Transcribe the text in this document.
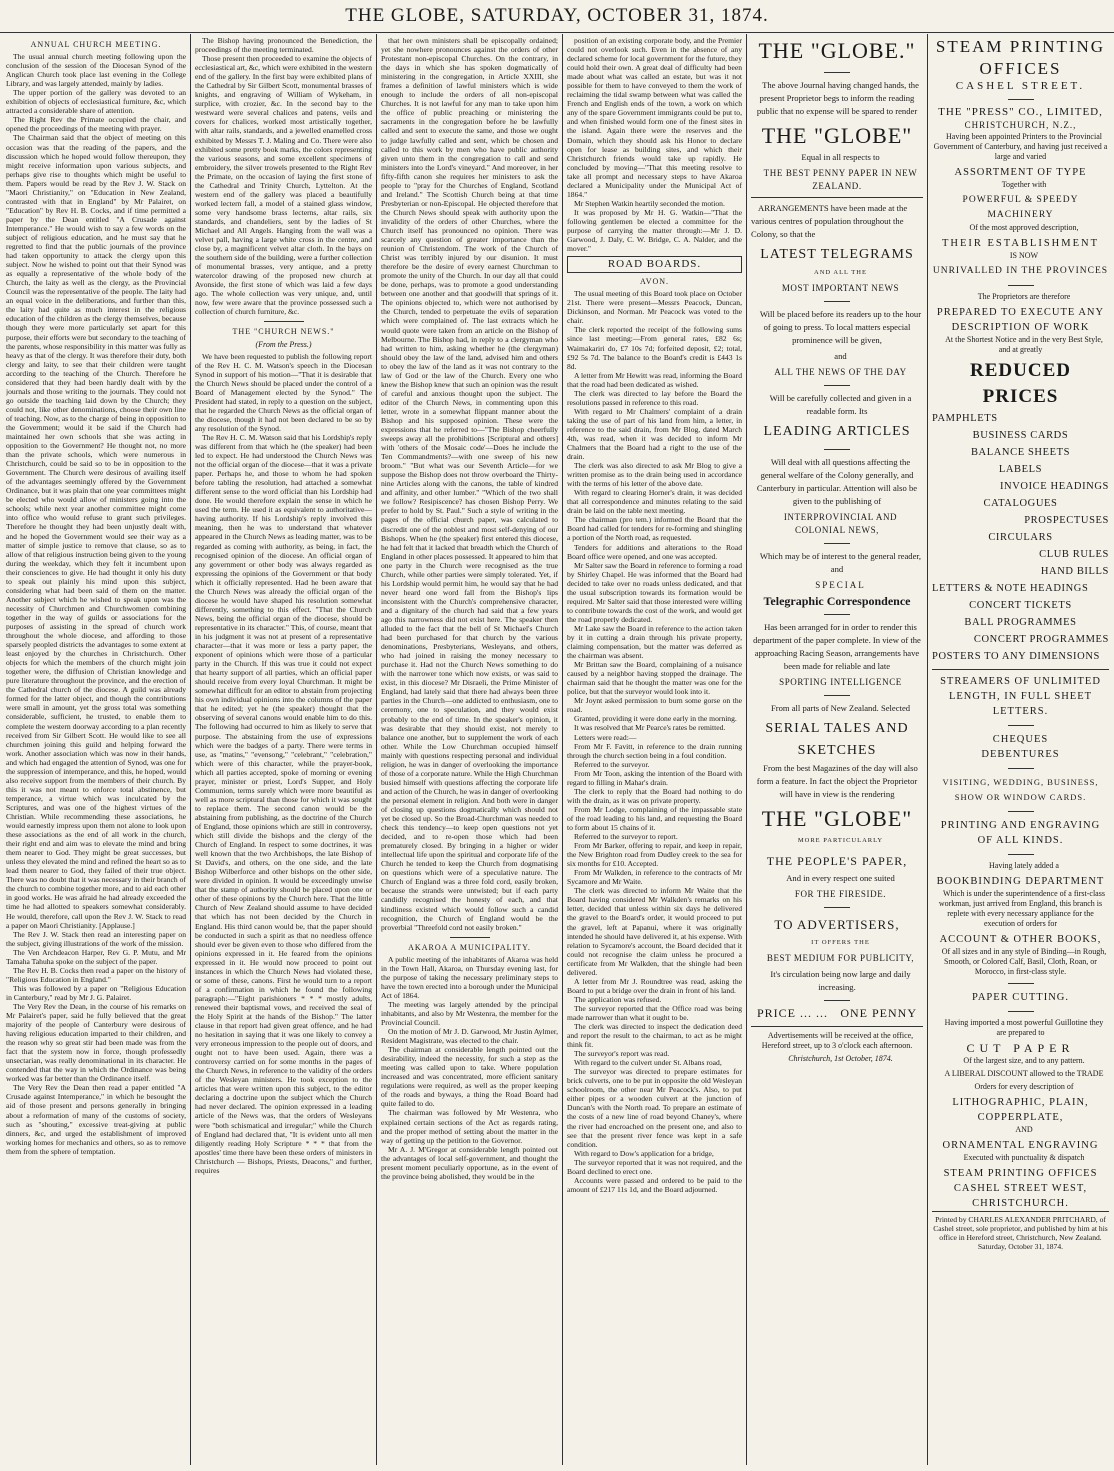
THE GLOBE, SATURDAY, OCTOBER 31, 1874.
ANNUAL CHURCH MEETING.

The usual annual church meeting following upon the conclusion of the session of the Diocesan Synod of the Anglican Church took place last evening in the College Library, and was largely attended, mainly by ladies.

The upper portion of the gallery was devoted to an exhibition of objects of ecclesiastical furniture, &c, which attracted a considerable share of attention.

The Right Rev the Primate occupied the chair, and opened the proceedings of the meeting with prayer.

The Chairman said that the object of meeting on this occasion was that the reading of the papers, and the discussion which he hoped would follow thereupon, they might receive information upon various subjects, and perhaps give rise to thoughts which might be useful to them. Papers would be read by the Rev J. W. Stack on "Maori Christianity," on "Education in New Zealand, contrasted with that in England" by Mr Palairet, on "Education" by Rev H. B. Cocks, and if time permitted a paper by the Dean entitled "A Crusade against Intemperance." He would wish to say a few words on the subject of religious education, and he must say that he regretted to find that the public journals of the province had taken opportunity to attack the clergy upon this subject. Now he wished to point out that their Synod was as equally a representative of the whole body of the Church, the laity as well as the clergy, as the Provincial Council was the representative of the people. The laity had an equal voice in the deliberations, and further than this, the laity had quite as much interest in the religious education of the children as the clergy themselves, because though they were more particularly set apart for this purpose, their efforts were but secondary to the teaching of the parents, whose responsibility in this matter was fully as heavy as that of the clergy. It was therefore their duty, both clergy and laity, to see that their children were taught according to the teaching of the Church. Therefore he considered that they had been hardly dealt with by the journals and those writing to the journals. They could not go outside the teaching laid down by the Church; they could not, like other denominations, choose their own line of teaching. Now, as to the charge of being in opposition to the Government; would it be said if the Church had maintained her own schools that she was acting in opposition to the Government? He thought not, no more than the private schools, which were numerous in Christchurch, could be said so to be in opposition to the Government. The Church were desirous of availing itself of the advantages seemingly offered by the Government Ordinance, but it was plain that one year committees might be elected who would allow of ministers going into the schools; while next year another committee might come into office who would refuse to grant such privileges. Therefore he thought they had been unjustly dealt with, and he hoped the Government would see their way as a matter of simple justice to remove that clause, so as to allow of that religious instruction being given to the young during the weekday, which they felt it incumbent upon their consciences to give. He had thought it only his duty to speak out plainly his mind upon this subject, considering what had been said of them on the matter. Another subject which he wished to speak upon was the necessity of Churchmen and Churchwomen combining together in the way of guilds or associations for the purposes of assisting in the spread of church work throughout the whole diocese, and affording to those sparsely peopled districts the advantages to some extent at least enjoyed by the churches in Christchurch. Other objects for which the members of the church might join together were, the diffusion of Christian knowledge and pure literature throughout the province, and the erection of the Cathedral church of the diocese. A guild was already formed for the latter object, and though the contributions were small in amount, yet the gross total was something considerable, sufficient, he trusted, to enable them to complete the western doorway according to a plan recently received from Sir Gilbert Scott. He would like to see all churchmen joining this guild and helping forward the work. Another association which was now in their hands, and which had engaged the attention of Synod, was one for the suppression of intemperance, and this, he hoped, would also receive support from the members of their church. By this it was not meant to enforce total abstinence, but temperance, a virtue which was inculcated by the Scriptures, and was one of the highest virtues of the Christian. While recommending these associations, he would earnestly impress upon them not alone to look upon these associations as the end of all work in the church, their right end and aim was to elevate the mind and bring them nearer to God. They might be great successes, but unless they elevated the mind and refined the heart so as to lead them nearer to God, they failed of their true object. There was no doubt that it was necessary in their branch of the church to combine together more, and to aid each other in good works. He was afraid he had already exceeded the time he had allotted to speakers somewhat considerably. He would, therefore, call upon the Rev J. W. Stack to read a paper on Maori Christianity. [Applause.]

The Rev J. W. Stack then read an interesting paper on the subject, giving illustrations of the work of the mission.

The Ven Archdeacon Harper, Rev G. P. Mutu, and Mr Tamaha Tahuha spoke on the subject of the paper.

The Rev H. B. Cocks then read a paper on the history of "Religious Education in England."

This was followed by a paper on "Religious Education in Canterbury," read by Mr J. G. Palairet.

The Very Rev the Dean, in the course of his remarks on Mr Palairet's paper, said he fully believed that the great majority of the people of Canterbury were desirous of having religious education imparted to their children, and the reason why so great stir had been made was from the fact that the system now in force, though professedly unsectarian, was really denominational in its character. He contended that the way in which the Ordinance was being worked was far better than the Ordinance itself.

The Very Rev the Dean then read a paper entitled "A Crusade against Intemperance," in which he besought the aid of those present and persons generally in bringing about a reformation of many of the customs of society, such as "shouting," excessive treat-giving at public dinners, &c, and urged the establishment of improved working homes for mechanics and others, so as to remove them from the sphere of temptation.

The Bishop having pronounced the Benediction, the proceedings of the meeting terminated.

Those present then proceeded to examine the objects of ecclesiastical art, &c, which were exhibited in the western end of the gallery. In the first bay were exhibited plans of the Cathedral by Sir Gilbert Scott, monumental brasses of knights, and engraving of William of Wykeham, in surplice, with crozier, &c. In the second bay to the westward were several chalices and patens, veils and covers for chalices, worked most artistically together, with altar rails, standards, and a jewelled enamelled cross exhibited by Messrs T. J. Maling and Co. There were also exhibited some pretty book marks, the colors representing the various seasons, and some excellent specimens of embroidery, the silver trowels presented to the Right Rev the Primate, on the occasion of laying the first stone of the Cathedral and Trinity Church, Lyttelton. At the western end of the gallery was placed a beautifully worked lectern fall, a model of a stained glass window, some very handsome brass lecterns, altar rails, six standards, and chandeliers, sent by the ladies of St Michael and All Angels. Hanging from the wall was a velvet pall, having a large white cross in the centre, and close by, a magnificent velvet altar cloth. In the bays on the southern side of the building, were a further collection of monumental brasses, very antique, and a pretty watercolor drawing of the proposed new church at Avonside, the first stone of which was laid a few days ago. The whole collection was very unique, and, until now, few were aware that the province possessed such a collection of church furniture, &c.

THE "CHURCH NEWS."
(From the Press.)

We have been requested to publish the following report of the Rev H. C. M. Watson's speech in the Diocesan Synod in support of his motion—"That it is desirable that the Church News should be placed under the control of a Board of Management elected by the Synod." The President had stated, in reply to a question on the subject, that he regarded the Church News as the official organ of the diocese, though it had not been declared to be so by any resolution of the Synod.

The Rev H. C. M. Watson said that his Lordship's reply was different from that which he (the speaker) had been led to expect. He had understood the Church News was not the official organ of the diocese—that it was a private paper. Perhaps he, and those to whom he had spoken before tabling the resolution, had attached a somewhat different sense to the word official than his Lordship had done. He would therefore explain the sense in which he used the term. He used it as equivalent to authoritative—having authority. If his Lordship's reply involved this meaning, then he was to understand that whatever appeared in the Church News as leading matter, was to be regarded as coming with authority, as being, in fact, the recognised opinion of the diocese. An official organ of any government or other body was always regarded as expressing the opinions of the Government or that body which it officially represented. Had he been aware that the Church News was already the official organ of the diocese he would have shaped his resolution somewhat differently, something to this effect. "That the Church News, being the official organ of the diocese, should be representative in its character." This, of course, meant that in his judgment it was not at present of a representative character—that it was more or less a party paper, the exponent of opinions which were those of a particular party in the Church. If this was true it could not expect that hearty support of all parties, which an official paper should receive from every loyal Churchman. It might be somewhat difficult for an editor to abstain from projecting his own individual opinions into the columns of the paper that he edited; yet he (the speaker) thought that the observing of several canons would enable him to do this. The following had occurred to him as likely to serve that purpose. The abstaining from the use of expressions which were the badges of a party. There were terms in use, as "matins," "evensong," "celebrant," "celebration," which were of this character, while the prayer-book, which all parties accepted, spoke of morning or evening prayer, minister or priest, Lord's Supper, and Holy Communion, terms surely which were more beautiful as well as more scriptural than those for which it was sought to replace them. The second canon would be the abstaining from publishing, as the doctrine of the Church of England, those opinions which are still in controversy, which still divide the bishops and the clergy of the Church of England. In respect to some doctrines, it was well known that the two Archbishops, the late Bishop of St David's, and others, on the one side, and the late Bishop Wilberforce and other bishops on the other side, were divided in opinion. It would be exceedingly unwise that the stamp of authority should be placed upon one or other of these opinions by the Church here. That the little Church of New Zealand should assume to have decided that which has not been decided by the Church in England. His third canon would be, that the paper should be conducted in such a spirit as that no needless offence should ever be given even to those who differed from the opinions expressed in it. He feared from the opinions expressed in it. He would now proceed to point out instances in which the Church News had violated these, or some of these, canons. First he would turn to a report of a confirmation in which he found the following paragraph:—"Eight parishioners * * * mostly adults, renewed their baptismal vows, and received the seal of the Holy Spirit at the hands of the Bishop." The latter clause in that report had given great offence, and he had no hesitation in saying that it was one likely to convey a very erroneous impression to the people out of doors, and ought not to have been used. Again, there was a controversy carried on for some months in the pages of the Church News, in reference to the validity of the orders of the Wesleyan ministers. He took exception to the articles that were written upon this subject, to the editor declaring a doctrine upon the subject which the Church had never declared. The opinion expressed in a leading article of the News was, that the orders of Wesleyans were "both schismatical and irregular;" while the Church of England had declared that, "It is evident unto all men diligently reading Holy Scripture * * * that from the apostles' time there have been these orders of ministers in Christchurch — Bishops, Priests, Deacons," and further, requires

that her own ministers shall be episcopally ordained; yet she nowhere pronounces against the orders of other Protestant non-episcopal Churches. On the contrary, in the days in which she has spoken dogmatically of ministering in the congregation, in Article XXIII, she frames a definition of lawful ministers which is wide enough to include the orders of all non-episcopal Churches. It is not lawful for any man to take upon him the office of public preaching or ministering the sacraments in the congregation before he be lawfully called and sent to execute the same, and those we ought to judge lawfully called and sent, which be chosen and called to this work by men who have public authority given unto them in the congregation to call and send ministers into the Lord's vineyard." And moreover, in her fifty-fifth canon she requires her ministers to ask the people to "pray for the Churches of England, Scotland and Ireland." The Scottish Church being at that time Presbyterian or non-Episcopal. He objected therefore that the Church News should speak with authority upon the invalidity of the orders of other Churches, where the Church itself has pronounced no opinion. There was scarcely any question of greater importance than the reunion of Christendom. The work of the Church of Christ was terribly injured by our disunion. It must therefore be the desire of every earnest Churchman to promote the unity of the Church. In our day all that could be done, perhaps, was to promote a good understanding between one another and that goodwill that springs of it. The opinions objected to, which were not authorised by the Church, tended to perpetuate the evils of separation which were complained of. The last extracts which he would quote were taken from an article on the Bishop of Melbourne. The Bishop had, in reply to a clergyman who had written to him, asking whether he (the clergyman) should obey the law of the land, advised him and others to obey the law of the land as it was not contrary to the law of God or the law of the Church. Every one who knew the Bishop knew that such an opinion was the result of careful and anxious thought upon the subject. The editor of the Church News, in commenting upon this letter, wrote in a somewhat flippant manner about the Bishop and his supposed opinion. These were the expressions that he referred to—"The Bishop cheerfully sweeps away all the prohibitions [Scriptural and others] with 'others of the Mosaic code'—Does he include the Ten Commandments?—with one sweep of his new broom." "But what was our Seventh Article—for we suppose the Bishop does not throw overboard the Thirty-nine Articles along with the canons, the table of kindred and affinity, and other lumber." "Which of the two shall we follow? Resipiscence? has chosen Bishop Perry. We prefer to hold by St. Paul." Such a style of writing in the pages of the official church paper, was calculated to discredit one of the noblest and most self-denying of our Bishops. When he (the speaker) first entered this diocese, he had felt that it lacked that breadth which the Church of England in other places possessed. It appeared to him that one party in the Church were recognised as the true Church, while other parties were simply tolerated. Yet, if his Lordship would permit him, he would say that he had never heard one word fall from the Bishop's lips inconsistent with the Church's comprehensive character, and a dignitary of the church had said that a few years ago this narrowness did not exist here. The speaker then alluded to the fact that the bell of St Michael's Church had been purchased for that church by the various denominations, Presbyterians, Wesleyans, and others, who had joined in raising the money necessary to purchase it. Had not the Church News something to do with the narrower tone which now exists, or was said to exist, in this diocese? Mr Disraeli, the Prime Minister of England, had lately said that there had always been three parties in the Church—one addicted to enthusiasm, one to ceremony, one to speculation, and they would exist probably to the end of time. In the speaker's opinion, it was desirable that they should exist, not merely to balance one another, but to supplement the work of each other. While the Low Churchman occupied himself mainly with questions respecting personal and individual religion, he was in danger of overlooking the importance of those of a corporate nature. While the High Churchman busied himself with questions affecting the corporate life and action of the Church, he was in danger of overlooking the personal element in religion. And both were in danger of closing up questions dogmatically which should not yet be closed up. So the Broad-Churchman was needed to check this tendency—to keep open questions not yet decided, and to re-open those which had been prematurely closed. By bringing in a higher or wider intellectual life upon the spiritual and corporate life of the Church he tended to keep the Church from dogmatising on questions which were of a speculative nature. The Church of England was a three fold cord, easily broken, because the strands were untwisted; but if each party candidly recognised the honesty of each, and that kindliness existed which would follow such a candid recognition, the Church of England would be the proverbial "Threefold cord not easily broken."

AKAROA A MUNICIPALITY.

A public meeting of the inhabitants of Akaroa was held in the Town Hall, Akaroa, on Thursday evening last, for the purpose of taking the necessary preliminary steps to have the town erected into a borough under the Municipal Act of 1864.

The meeting was largely attended by the principal inhabitants, and also by Mr Westenra, the member for the Provincial Council.

On the motion of Mr J. D. Garwood, Mr Justin Aylmer, Resident Magistrate, was elected to the chair.

The chairman at considerable length pointed out the desirability, indeed the necessity, for such a step as the meeting was called upon to take. Where population increased and was concentrated, more efficient sanitary regulations were required, as well as the proper keeping of the roads and byways, a thing the Road Board had quite failed to do.

The chairman was followed by Mr Westenra, who explained certain sections of the Act as regards rating, and the proper method of setting about the matter in the way of getting up the petition to the Governor.

Mr A. J. M'Gregor at considerable length pointed out the advantages of local self-government, and thought the present moment peculiarly opportune, as in the event of the province being abolished, they would be in the

position of an existing corporate body, and the Premier could not overlook such. Even in the absence of any declared scheme for local government for the future, they could hold their own. A great deal of difficulty had been made about what was called an estate, but was it not possible for them to have conveyed to them the work of reclaiming the tidal swamp between what was called the French and English ends of the town, a work on which any of the spare Government immigrants could be put to, and when finished would form one of the finest sites in the island. Again there were the reserves and the Domain, which they should ask his Honor to declare open for lease as building sites, and which their Christchurch friends would take up rapidly. He concluded by moving—"That this meeting resolve to take all prompt and necessary steps to have Akaroa declared a Municipality under the Municipal Act of 1864."

Mr Stephen Watkin heartily seconded the motion.

It was proposed by Mr H. G. Watkin—"That the following gentlemen be elected a committee for the purpose of carrying the matter through:—Mr J. D. Garwood, J. Daly, C. W. Bridge, C. A. Nalder, and the mover."

ROAD BOARDS.
AVON.

The usual meeting of this Board took place on October 21st. There were present—Messrs Peacock, Duncan, Dickinson, and Norman. Mr Peacock was voted to the chair.

The clerk reported the receipt of the following sums since last meeting:—From general rates, £82 6s; Waimakariri do, £7 10s 7d; forfeited deposit, £2; total, £92 5s 7d. The balance to the Board's credit is £443 1s 8d.

A letter from Mr Hewitt was read, informing the Board that the road had been dedicated as wished.

The clerk was directed to lay before the Board the resolutions passed in reference to this road.

With regard to Mr Chalmers' complaint of a drain taking the use of part of his land from him, a letter, in reference to the said drain, from Mr Blog, dated March 4th, was read, when it was decided to inform Mr Chalmers that the Board had a right to the use of the drain.

The clerk was also directed to ask Mr Blog to give a written promise as to the drain being used in accordance with the terms of his letter of the above date.

With regard to clearing Horner's drain, it was decided that all correspondence and minutes relating to the said drain be laid on the table next meeting.

The chairman (pro tem.) informed the Board that the Board had called for tenders for re-forming and shingling a portion of the North road, as requested.

Tenders for additions and alterations to the Road Board office were opened, and one was accepted.

Mr Salter saw the Board in reference to forming a road by Shirley Chapel. He was informed that the Board had decided to take over no roads unless dedicated, and that the usual subscription towards its formation would be required. Mr Salter said that those interested were willing to contribute towards the cost of the work, and would get the road properly dedicated.

Mr Lake saw the Board in reference to the action taken by it in cutting a drain through his private property, claiming compensation, but the matter was deferred as the chairman was absent.

Mr Brittan saw the Board, complaining of a nuisance caused by a neighbor having stopped the drainage. The chairman said that he thought the matter was one for the police, but that the surveyor would look into it.

Mr Joynt asked permission to burn some gorse on the road.

Granted, providing it were done early in the morning.

It was resolved that Mr Pearce's rates be remitted.

Letters were read:—

From Mr F. Favitt, in reference to the drain running through the church section being in a foul condition.

Referred to the surveyor.

From Mr Toon, asking the intention of the Board with regard to filling in Mahar's drain.

The clerk to reply that the Board had nothing to do with the drain, as it was on private property.

From Mr Lodge, complaining of the impassable state of the road leading to his land, and requesting the Board to form about 15 chains of it.

Referred to the surveyor to report.

From Mr Barker, offering to repair, and keep in repair, the New Brighton road from Dudley creek to the sea for six months for £10. Accepted.

From Mr Walkden, in reference to the contracts of Mr Sycamore and Mr Waite.

The clerk was directed to inform Mr Waite that the Board having considered Mr Walkden's remarks on his letter, decided that unless within six days he delivered the gravel to the Board's order, it would proceed to put the gravel, left at Papanui, where it was originally intended he should have delivered it, at his expense. With relation to Sycamore's account, the Board decided that it could not recognise the claim unless he procured a certificate from Mr Walkden, that the shingle had been delivered.

A letter from Mr J. Roundtree was read, asking the Board to put a bridge over the drain in front of his land.

The application was refused.

The surveyor reported that the Office road was being made narrower than what it ought to be.

The clerk was directed to inspect the dedication deed and report the result to the chairman, to act as he might think fit.

The surveyor's report was read.

With regard to the culvert under St. Albans road,

The surveyor was directed to prepare estimates for brick culverts, one to be put in opposite the old Wesleyan schoolroom, the other near Mr Peacock's. Also, to put either pipes or a wooden culvert at the junction of Duncan's with the North road. To prepare an estimate of the costs of a new line of road beyond Chaney's, where the river had encroached on the present one, and also to see that the present river fence was kept in a safe condition.

With regard to Dow's application for a bridge,

The surveyor reported that it was not required, and the Board declined to erect one.

Accounts were passed and ordered to be paid to the amount of £217 11s 1d, and the Board adjourned.

THE "GLOBE."

The above Journal having changed hands, the present Proprietor begs to inform the reading public that no expense will be spared to render

THE "GLOBE"

Equal in all respects to

THE BEST PENNY PAPER IN NEW ZEALAND.

ARRANGEMENTS have been made at the various centres of population throughout the Colony, so that the

LATEST TELEGRAMS

AND ALL THE

MOST IMPORTANT NEWS

Will be placed before its readers up to the hour of going to press. To local matters especial prominence will be given,

and

ALL THE NEWS OF THE DAY

Will be carefully collected and given in a readable form. Its

LEADING ARTICLES

Will deal with all questions affecting the general welfare of the Colony generally, and Canterbury in particular. Attention will also be given to the publishing of

INTERPROVINCIAL AND COLONIAL NEWS,

Which may be of interest to the general reader, and

SPECIAL

Telegraphic Correspondence

Has been arranged for in order to render this department of the paper complete. In view of the approaching Racing Season, arrangements have been made for reliable and late

SPORTING INTELLIGENCE

From all parts of New Zealand. Selected

SERIAL TALES AND SKETCHES

From the best Magazines of the day will also form a feature. In fact the object the Proprietor will have in view is the rendering

THE "GLOBE"

MORE PARTICULARLY

THE PEOPLE'S PAPER,

And in every respect one suited

FOR THE FIRESIDE.

TO ADVERTISERS,

IT OFFERS THE

BEST MEDIUM FOR PUBLICITY,

It's circulation being now large and daily increasing.

PRICE ... ... ONE PENNY

Advertisements will be received at the office, Hereford street, up to 3 o'clock each afternoon.

Christchurch, 1st October, 1874.

STEAM PRINTING OFFICES
CASHEL STREET.
THE "PRESS" CO., LIMITED,
CHRISTCHURCH, N.Z.,

Having been appointed Printers to the Provincial Government of Canterbury, and having just received a large and varied

ASSORTMENT OF TYPE

Together with

POWERFUL & SPEEDY MACHINERY

Of the most approved description,

THEIR ESTABLISHMENT

IS NOW

UNRIVALLED IN THE PROVINCES

The Proprietors are therefore

PREPARED TO EXECUTE ANY
DESCRIPTION OF WORK

At the Shortest Notice and in the very Best Style, and at greatly

REDUCED PRICES
PAMPHLETS
BUSINESS CARDS
BALANCE SHEETS
LABELS
INVOICE HEADINGS
CATALOGUES
PROSPECTUSES
CIRCULARS
CLUB RULES
HAND BILLS
LETTERS & NOTE HEADINGS
CONCERT TICKETS
BALL PROGRAMMES
CONCERT PROGRAMMES
POSTERS TO ANY DIMENSIONS
STREAMERS OF UNLIMITED LENGTH, IN FULL SHEET LETTERS.
CHEQUES
DEBENTURES
VISITING, WEDDING, BUSINESS, SHOW OR WINDOW CARDS.
PRINTING AND ENGRAVING OF ALL KINDS.

Having lately added a

BOOKBINDING DEPARTMENT

Which is under the superintendence of a first-class workman, just arrived from England, this branch is replete with every necessary appliance for the execution of orders for

ACCOUNT & OTHER BOOKS,

Of all sizes and in any style of Binding—in Rough, Smooth, or Colored Calf, Basil, Cloth, Roan, or Morocco, in first-class style.

PAPER CUTTING.

Having imported a most powerful Guillotine they are prepared to

CUT PAPER

Of the largest size, and to any pattern.

A LIBERAL DISCOUNT allowed to the TRADE

Orders for every description of

LITHOGRAPHIC, PLAIN, COPPERPLATE,

AND

ORNAMENTAL ENGRAVING

Executed with punctuality & dispatch

STEAM PRINTING OFFICES
CASHEL STREET WEST,
CHRISTCHURCH.
Printed by CHARLES ALEXANDER PRITCHARD, of Cashel street, sole proprietor, and published by him at his office in Hereford street, Christchurch, New Zealand. Saturday, October 31, 1874.
